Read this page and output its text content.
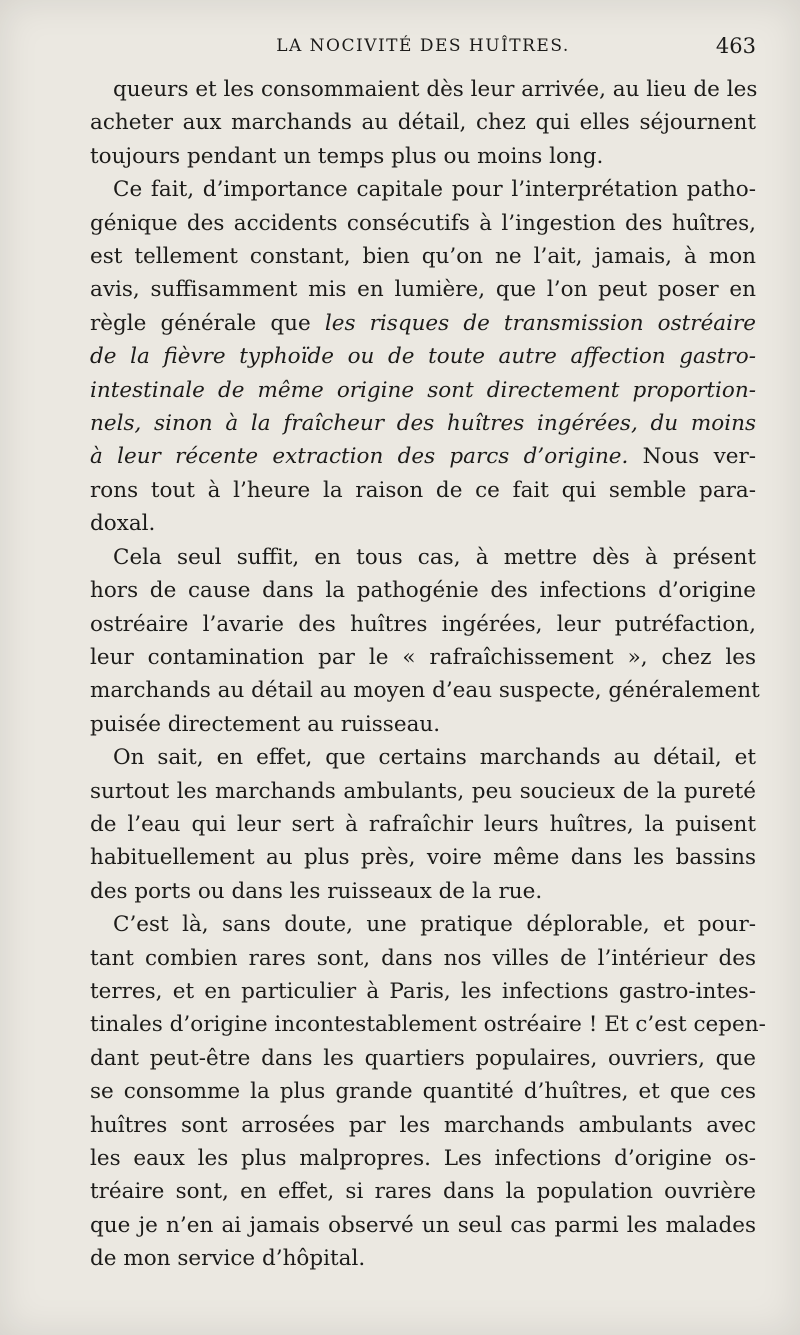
LA NOCIVITÉ DES HUÎTRES.	463
queurs et les consommaient dès leur arrivée, au lieu de les
acheter aux marchands au détail, chez qui elles séjournent
toujours pendant un temps plus ou moins long.
Ce fait, d’importance capitale pour l’interprétation patho-
génique des accidents consécutifs à l’ingestion des huîtres,
est tellement constant, bien qu’on ne l’ait, jamais, à mon
avis, suffisamment mis en lumière, que l’on peut poser en
règle générale que les risques de transmission ostréaire
de la fièvre typhoïde ou de toute autre affection gastro-
intestinale de même origine sont directement proportion-
nels, sinon à la fraîcheur des huîtres ingérées, du moins
à leur récente extraction des parcs d’origine. Nous ver-
rons tout à l’heure la raison de ce fait qui semble para-
doxal.
Cela seul suffit, en tous cas, à mettre dès à présent
hors de cause dans la pathogénie des infections d’origine
ostréaire l’avarie des huîtres ingérées, leur putréfaction,
leur contamination par le « rafraîchissement », chez les
marchands au détail au moyen d’eau suspecte, généralement
puisée directement au ruisseau.
On sait, en effet, que certains marchands au détail, et
surtout les marchands ambulants, peu soucieux de la pureté
de l’eau qui leur sert à rafraîchir leurs huîtres, la puisent
habituellement au plus près, voire même dans les bassins
des ports ou dans les ruisseaux de la rue.
C’est là, sans doute, une pratique déplorable, et pour-
tant combien rares sont, dans nos villes de l’intérieur des
terres, et en particulier à Paris, les infections gastro-intes-
tinales d’origine incontestablement ostréaire ! Et c’est cepen-
dant peut-être dans les quartiers populaires, ouvriers, que
se consomme la plus grande quantité d’huîtres, et que ces
huîtres sont arrosées par les marchands ambulants avec
les eaux les plus malpropres. Les infections d’origine os-
tréaire sont, en effet, si rares dans la population ouvrière
que je n’en ai jamais observé un seul cas parmi les malades
de mon service d’hôpital.
